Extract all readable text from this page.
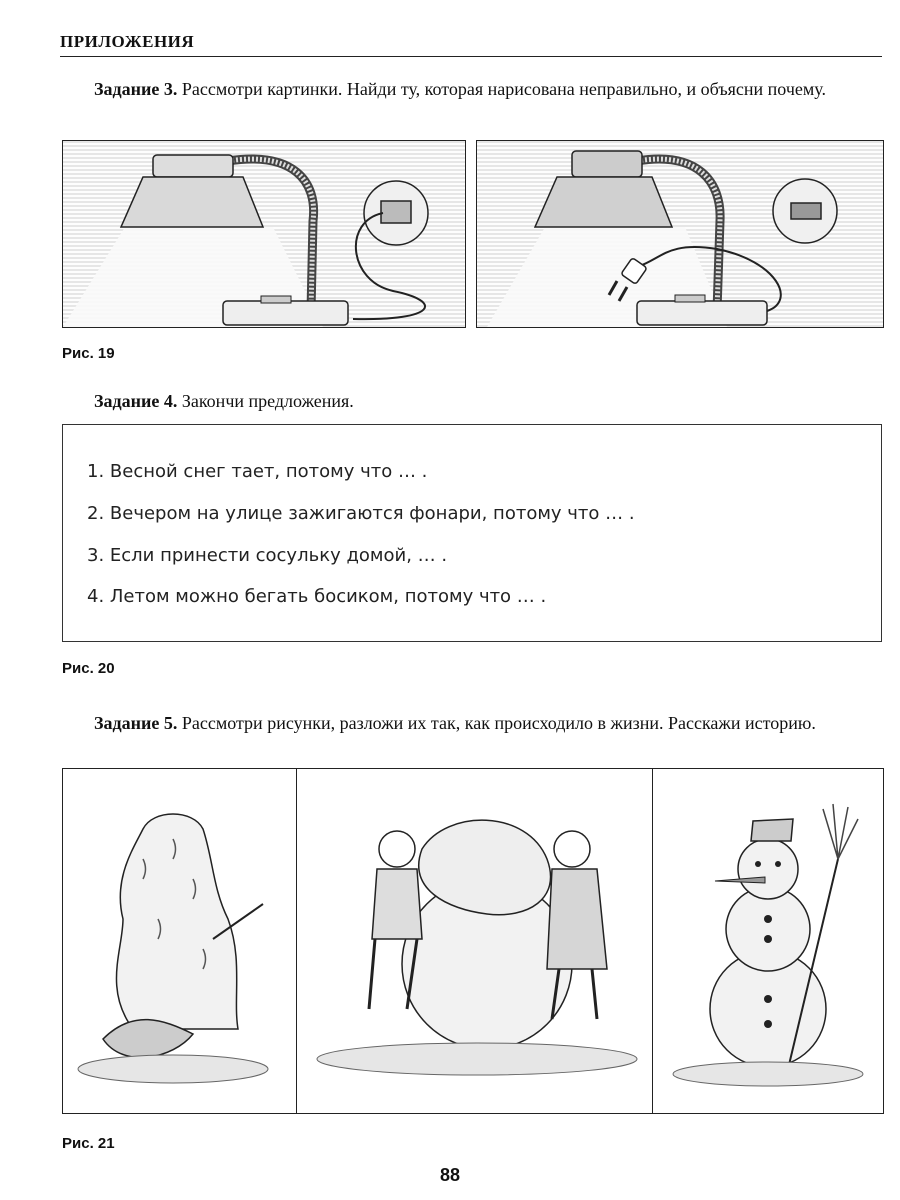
ПРИЛОЖЕНИЯ
Задание 3. Рассмотри картинки. Найди ту, которая нарисована неправильно, и объясни почему.
Рис. 19
Задание 4. Закончи предложения.
1. Весной снег тает, потому что … .
2. Вечером на улице зажигаются фонари, потому что … .
3. Если принести сосульку домой, … .
4. Летом можно бегать босиком, потому что … .
Рис. 20
Задание 5. Рассмотри рисунки, разложи их так, как происходило в жизни. Расскажи историю.
Рис. 21
88
